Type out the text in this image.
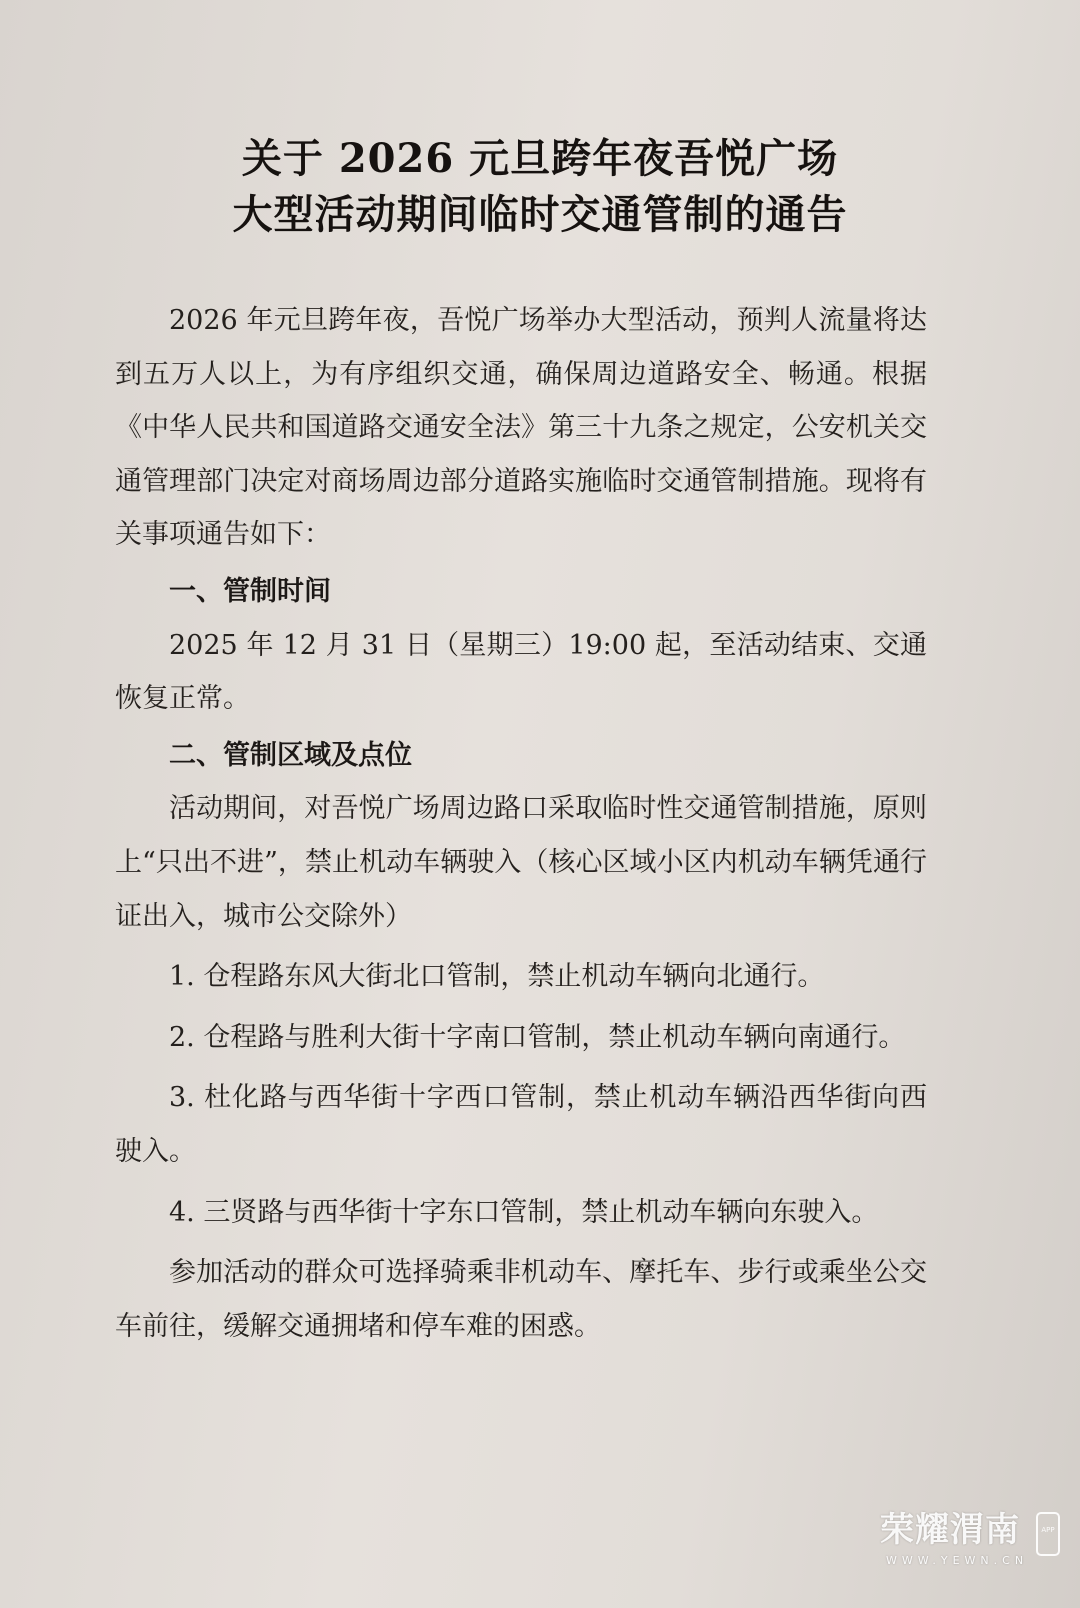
关于 2026 元旦跨年夜吾悦广场
大型活动期间临时交通管制的通告

2026 年元旦跨年夜，吾悦广场举办大型活动，预判人流量将达到五万人以上，为有序组织交通，确保周边道路安全、畅通。根据《中华人民共和国道路交通安全法》第三十九条之规定，公安机关交通管理部门决定对商场周边部分道路实施临时交通管制措施。现将有关事项通告如下：

一、管制时间

2025 年 12 月 31 日（星期三）19:00 起，至活动结束、交通恢复正常。

二、管制区域及点位

活动期间，对吾悦广场周边路口采取临时性交通管制措施，原则上“只出不进”，禁止机动车辆驶入（核心区域小区内机动车辆凭通行证出入，城市公交除外）

1. 仓程路东风大街北口管制，禁止机动车辆向北通行。

2. 仓程路与胜利大街十字南口管制，禁止机动车辆向南通行。

3. 杜化路与西华街十字西口管制，禁止机动车辆沿西华街向西驶入。

4. 三贤路与西华街十字东口管制，禁止机动车辆向东驶入。

参加活动的群众可选择骑乘非机动车、摩托车、步行或乘坐公交车前往，缓解交通拥堵和停车难的困惑。

荣耀渭南
WWW.YEWN.CN
APP
